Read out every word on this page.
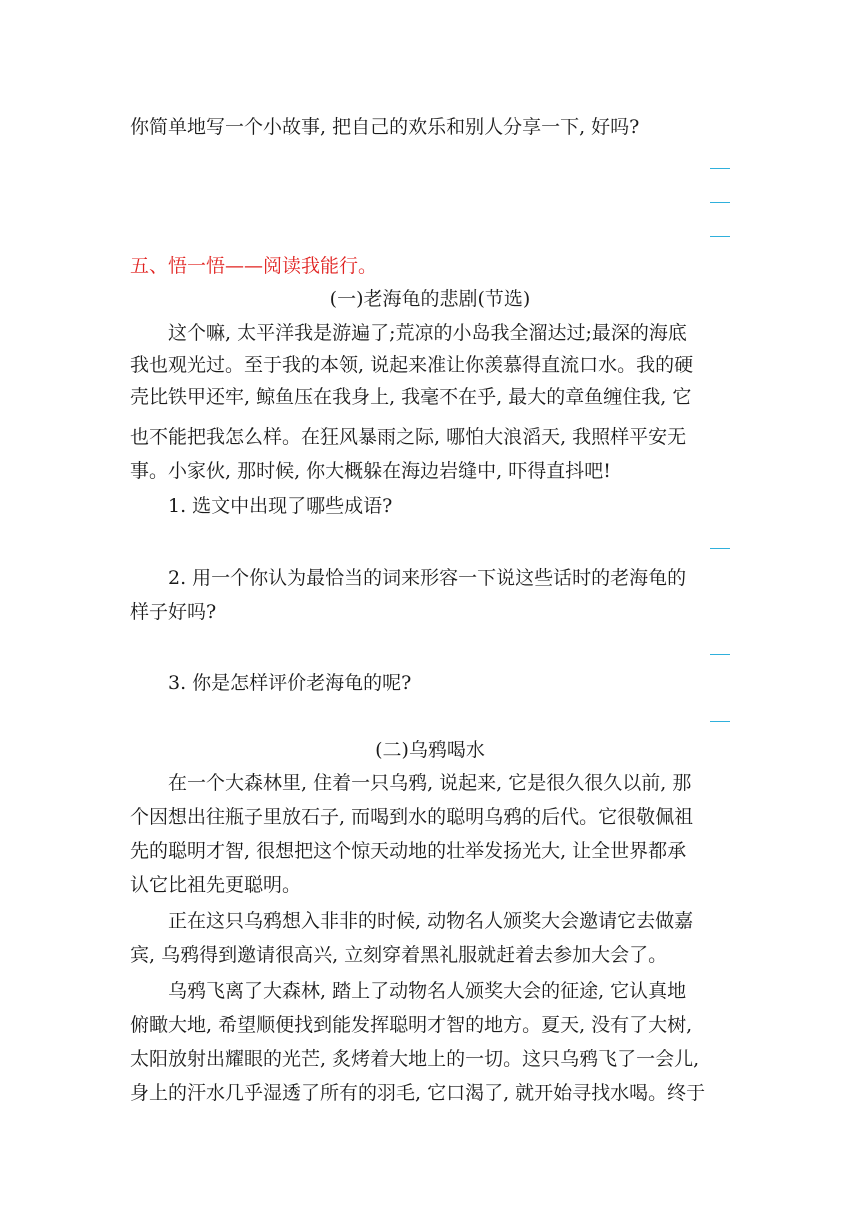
你简单地写一个小故事, 把自己的欢乐和别人分享一下, 好吗?
五、悟一悟——阅读我能行。
(一)老海龟的悲剧(节选)
这个嘛, 太平洋我是游遍了;荒凉的小岛我全溜达过;最深的海底
我也观光过。至于我的本领, 说起来准让你羡慕得直流口水。我的硬
壳比铁甲还牢, 鲸鱼压在我身上, 我毫不在乎, 最大的章鱼缠住我, 它
也不能把我怎么样。在狂风暴雨之际, 哪怕大浪滔天, 我照样平安无
事。小家伙, 那时候, 你大概躲在海边岩缝中, 吓得直抖吧!
1. 选文中出现了哪些成语?
2. 用一个你认为最恰当的词来形容一下说这些话时的老海龟的
样子好吗?
3. 你是怎样评价老海龟的呢?
(二)乌鸦喝水
在一个大森林里, 住着一只乌鸦, 说起来, 它是很久很久以前, 那
个因想出往瓶子里放石子, 而喝到水的聪明乌鸦的后代。它很敬佩祖
先的聪明才智, 很想把这个惊天动地的壮举发扬光大, 让全世界都承
认它比祖先更聪明。
正在这只乌鸦想入非非的时候, 动物名人颁奖大会邀请它去做嘉
宾, 乌鸦得到邀请很高兴, 立刻穿着黑礼服就赶着去参加大会了。
乌鸦飞离了大森林, 踏上了动物名人颁奖大会的征途, 它认真地
俯瞰大地, 希望顺便找到能发挥聪明才智的地方。夏天, 没有了大树,
太阳放射出耀眼的光芒, 炙烤着大地上的一切。这只乌鸦飞了一会儿,
身上的汗水几乎湿透了所有的羽毛, 它口渴了, 就开始寻找水喝。终于
